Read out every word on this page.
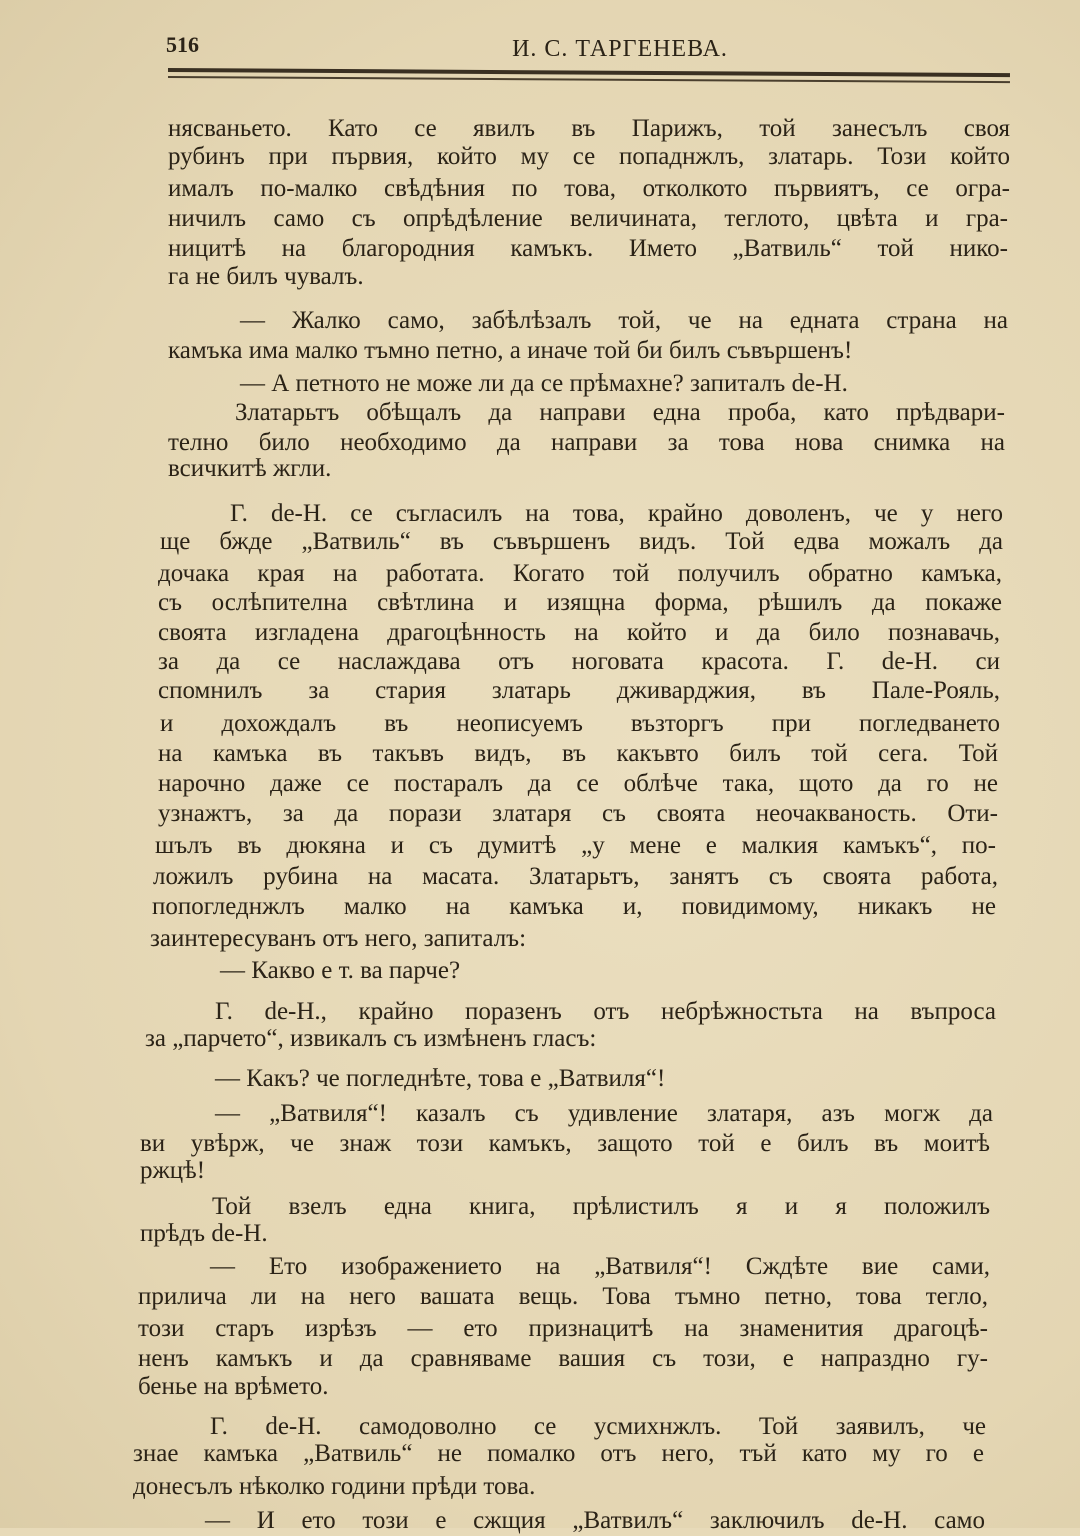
516	И. С. ТАРГЕНЕВА.
нясваньето. Като се явилъ въ Парижъ, той занесълъ своя
рубинъ при първия, който му се попаднжлъ, златарь. Този който
ималъ по-малко свѣдѣния по това, отколкото първиятъ, се огра-
ничилъ само съ опрѣдѣление величината, теглото, цвѣта и гра-
ницитѣ на благородния камъкъ. Името „Ватвиль“ той нико-
га не билъ чувалъ.
— Жалко само, забѣлѣзалъ той, че на едната страна на
камъка има малко тъмно петно, а иначе той би билъ съвършенъ!
— А петното не може ли да се прѣмахне? запиталъ de-H.
Златарьтъ обѣщалъ да направи една проба, като прѣдвари-
телно било необходимо да направи за това нова снимка на
всичкитѣ жгли.
Г. de-H. се съгласилъ на това, крайно доволенъ, че у него
ще бжде „Ватвиль“ въ съвършенъ видъ. Той едва можалъ да
дочака края на работата. Когато той получилъ обратно камъка,
съ ослѣпителна свѣтлина и изящна форма, рѣшилъ да покаже
своята изгладена драгоцѣнность на който и да било познавачь,
за да се наслаждава отъ ноговата красота. Г. de-H. си
спомнилъ за стария златарь дживарджия, въ Пале-Рояль,
и дохождалъ въ неописуемъ възторгъ при погледването
на камъка въ такъвъ видъ, въ какъвто билъ той сега. Той
нарочно даже се постаралъ да се облѣче така, щото да го не
узнажтъ, за да порази златаря съ своята неочакваность. Оти-
шълъ въ дюкяна и съ думитѣ „у мене е малкия камъкъ“, по-
ложилъ рубина на масата. Златарьтъ, занятъ съ своята работа,
попогледнжлъ малко на камъка и, повидимому, никакъ не
заинтересуванъ отъ него, запиталъ:
— Какво е т. ва парче?
Г. de-H., крайно поразенъ отъ небрѣжностьта на въпроса
за „парчето“, извикалъ съ измѣненъ гласъ:
— Какъ? че погледнѣте, това е „Ватвиля“!
— „Ватвиля“! казалъ съ удивление златаря, азъ могж да
ви увѣрж, че знаж този камъкъ, защото той е билъ въ моитѣ
ржцѣ!
Той взелъ една книга, прѣлистилъ я и я положилъ
прѣдъ de-H.
— Ето изображението на „Ватвиля“! Сждѣте вие сами,
прилича ли на него вашата вещь. Това тъмно петно, това тегло,
този старъ изрѣзъ — ето признацитѣ на знаменития драгоцѣ-
ненъ камъкъ и да сравняваме вашия съ този, е напраздно гу-
бенье на врѣмето.
Г. de-H. самодоволно се усмихнжлъ. Той заявилъ, че
знае камъка „Ватвиль“ не помалко отъ него, тъй като му го е
донесълъ нѣколко години прѣди това.
— И ето този е сжщия „Ватвилъ“ заключилъ de-H. само
